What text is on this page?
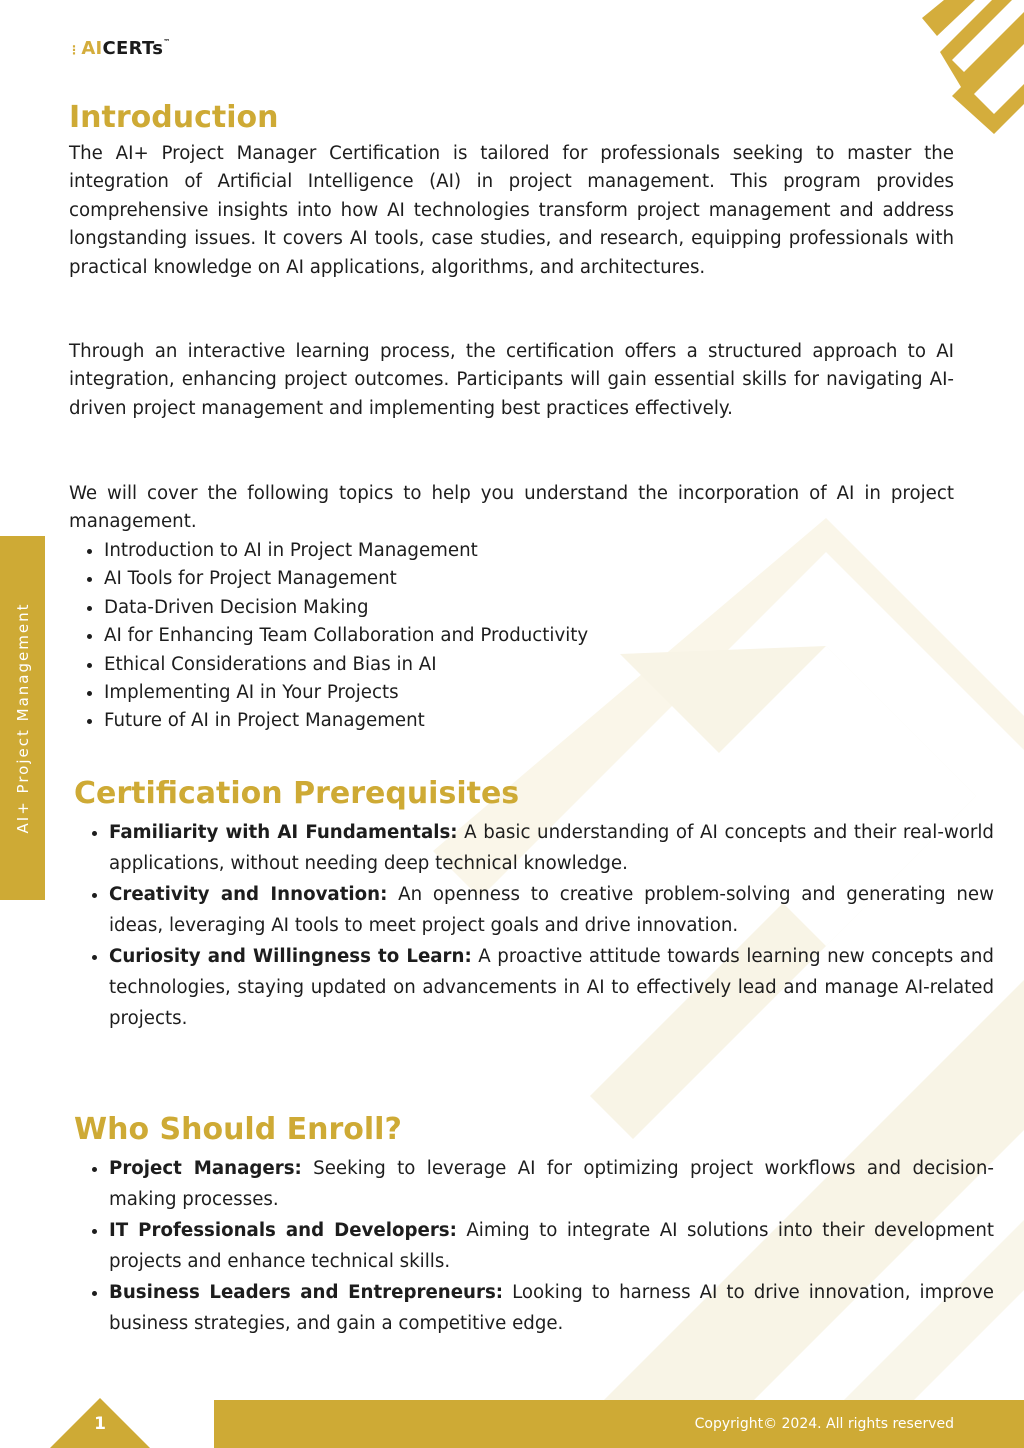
⋮AICERTs™
AI+ Project Management
Introduction

The AI+ Project Manager Certification is tailored for professionals seeking to master the integration of Artificial Intelligence (AI) in project management. This program provides comprehensive insights into how AI technologies transform project management and address longstanding issues. It covers AI tools, case studies, and research, equipping professionals with practical knowledge on AI applications, algorithms, and architectures.

Through an interactive learning process, the certification offers a structured approach to AI integration, enhancing project outcomes. Participants will gain essential skills for navigating AI-driven project management and implementing best practices effectively.

We will cover the following topics to help you understand the incorporation of AI in project management.

• Introduction to AI in Project Management
• AI Tools for Project Management
• Data-Driven Decision Making
• AI for Enhancing Team Collaboration and Productivity
• Ethical Considerations and Bias in AI
• Implementing AI in Your Projects
• Future of AI in Project Management
Certification Prerequisites
• Familiarity with AI Fundamentals: A basic understanding of AI concepts and their real-world applications, without needing deep technical knowledge.
• Creativity and Innovation: An openness to creative problem-solving and generating new ideas, leveraging AI tools to meet project goals and drive innovation.
• Curiosity and Willingness to Learn: A proactive attitude towards learning new concepts and technologies, staying updated on advancements in AI to effectively lead and manage AI-related projects.
Who Should Enroll?
• Project Managers: Seeking to leverage AI for optimizing project workflows and decision-making processes.
• IT Professionals and Developers: Aiming to integrate AI solutions into their development projects and enhance technical skills.
• Business Leaders and Entrepreneurs: Looking to harness AI to drive innovation, improve business strategies, and gain a competitive edge.
1	Copyright© 2024. All rights reserved
